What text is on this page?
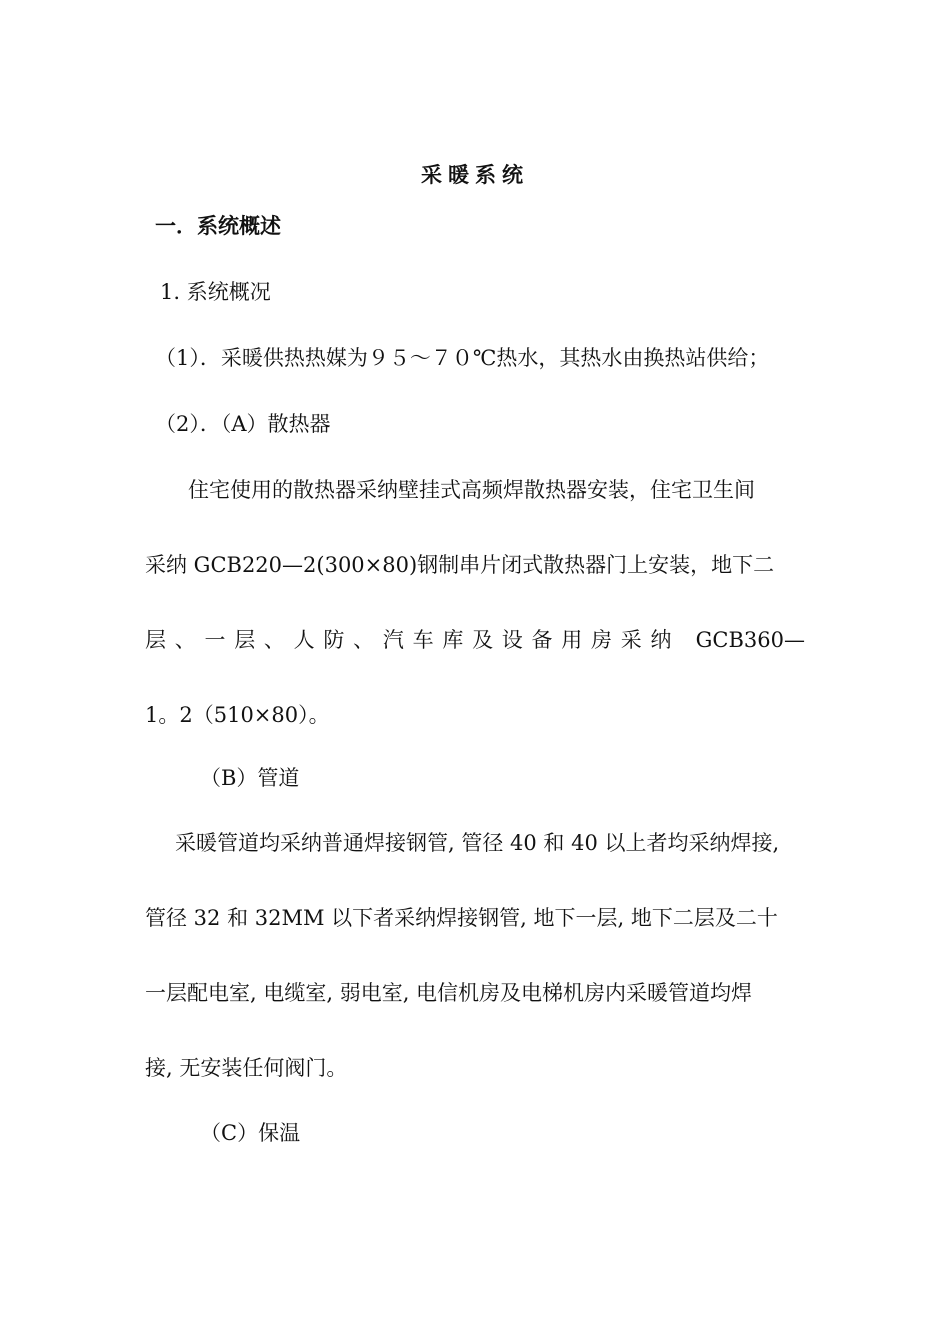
采暖系统
一．系统概述
1. 系统概况
（1）．采暖供热热媒为９５～７０℃热水，其热水由换热站供给；
（2）．（A）散热器
住宅使用的散热器采纳壁挂式高频焊散热器安装，住宅卫生间
采纳 GCB220—2(300×80)钢制串片闭式散热器门上安装，地下二
层、一层、人防、汽车库及设备用房采纳 GCB360—
1。2（510×80）。
（B）管道
采暖管道均采纳普通焊接钢管, 管径 40 和 40 以上者均采纳焊接,
管径 32 和 32MM 以下者采纳焊接钢管, 地下一层, 地下二层及二十
一层配电室, 电缆室, 弱电室, 电信机房及电梯机房内采暖管道均焊
接, 无安装任何阀门。
（C）保温
